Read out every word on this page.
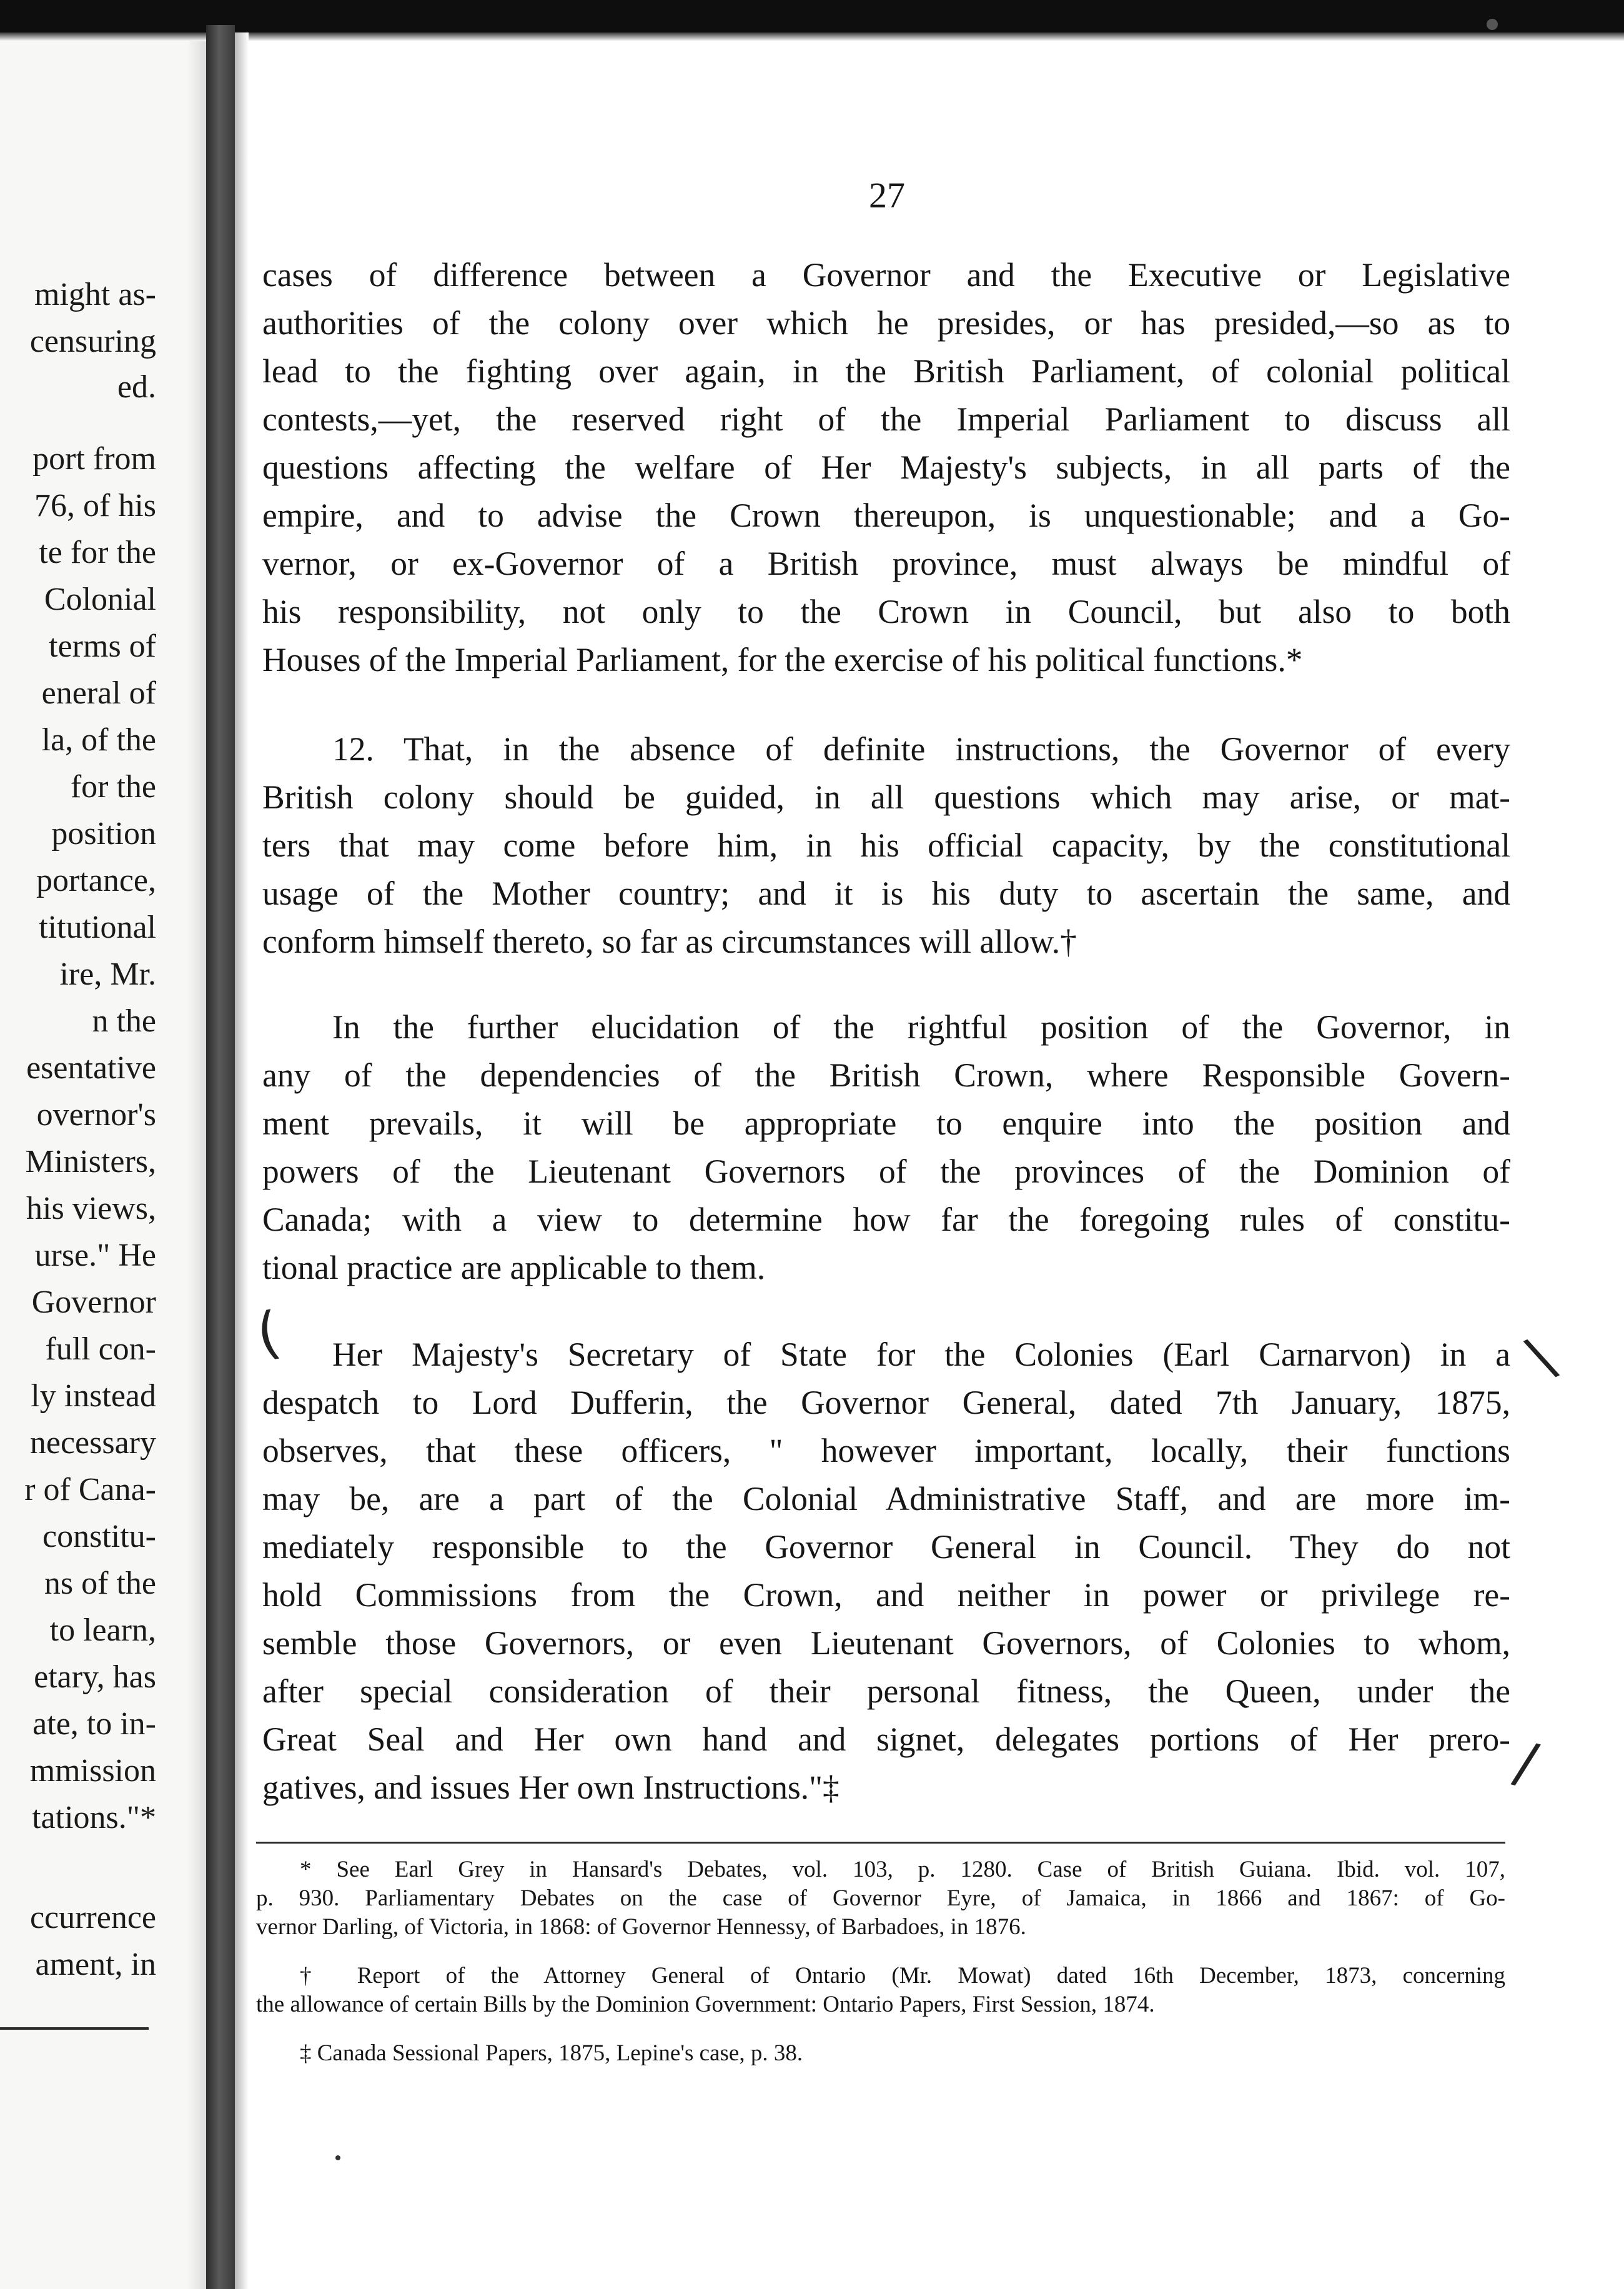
might as-
censuring
ed.
port from
76, of his
te for the
Colonial
terms of
eneral of
la, of the
for the
position
portance,
titutional
ire, Mr.
n the
esentative
overnor's
Ministers,
his views,
urse." He
Governor
full con-
ly instead
necessary
r of Cana-
constitu-
ns of the
to learn,
etary, has
ate, to in-
mmission
tations."*
ccurrence
ament, in
27
cases of difference between a Governor and the Executive or Legislative
authorities of the colony over which he presides, or has presided,—so as to
lead to the fighting over again, in the British Parliament, of colonial political
contests,—yet, the reserved right of the Imperial Parliament to discuss all
questions affecting the welfare of Her Majesty's subjects, in all parts of the
empire, and to advise the Crown thereupon, is unquestionable; and a Go-
vernor, or ex-Governor of a British province, must always be mindful of
his responsibility, not only to the Crown in Council, but also to both
Houses of the Imperial Parliament, for the exercise of his political functions.*
12. That, in the absence of definite instructions, the Governor of every
British colony should be guided, in all questions which may arise, or mat-
ters that may come before him, in his official capacity, by the constitutional
usage of the Mother country; and it is his duty to ascertain the same, and
conform himself thereto, so far as circumstances will allow.†
In the further elucidation of the rightful position of the Governor, in
any of the dependencies of the British Crown, where Responsible Govern-
ment prevails, it will be appropriate to enquire into the position and
powers of the Lieutenant Governors of the provinces of the Dominion of
Canada; with a view to determine how far the foregoing rules of constitu-
tional practice are applicable to them.
Her Majesty's Secretary of State for the Colonies (Earl Carnarvon) in a
despatch to Lord Dufferin, the Governor General, dated 7th January, 1875,
observes, that these officers, " however important, locally, their functions
may be, are a part of the Colonial Administrative Staff, and are more im-
mediately responsible to the Governor General in Council. They do not
hold Commissions from the Crown, and neither in power or privilege re-
semble those Governors, or even Lieutenant Governors, of Colonies to whom,
after special consideration of their personal fitness, the Queen, under the
Great Seal and Her own hand and signet, delegates portions of Her prero-
gatives, and issues Her own Instructions."‡
* See Earl Grey in Hansard's Debates, vol. 103, p. 1280. Case of British Guiana. Ibid. vol. 107,
p. 930. Parliamentary Debates on the case of Governor Eyre, of Jamaica, in 1866 and 1867: of Go-
vernor Darling, of Victoria, in 1868: of Governor Hennessy, of Barbadoes, in 1876.
† Report of the Attorney General of Ontario (Mr. Mowat) dated 16th December, 1873, concerning
the allowance of certain Bills by the Dominion Government: Ontario Papers, First Session, 1874.
‡ Canada Sessional Papers, 1875, Lepine's case, p. 38.
(	\
/
